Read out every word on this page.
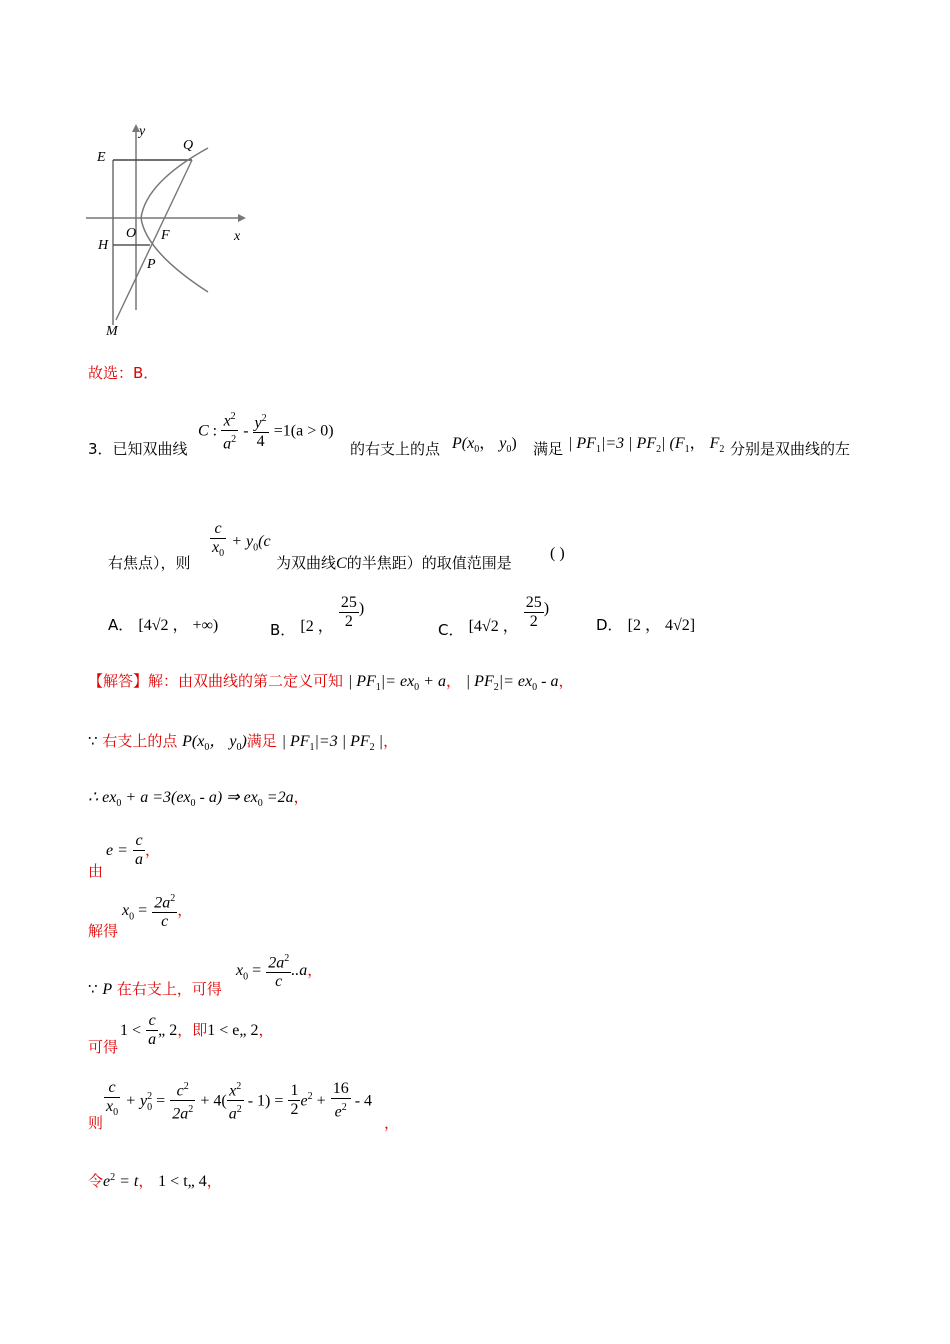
y
E
Q
O F	x
H
P
M
故选：B．
3．已知双曲线
C : $\frac{x^2}{a^2} - \frac{y^2}{4} =1(a > 0)$
的右支上的点 $P(x_0$， $y_0$) 满足 | $PF_1|=3$ | $PF_2|$ ($F_1$， $F_2$ 分别是双曲线的左
右焦点），则 $\frac{c}{x_0} + y_0(c$
为双曲线C的半焦距）的取值范围是
( )
A． [4√2 ， +∞)	B． [2 ， $\frac{25}{2}$ )
C． [4√2 ， $\frac{25}{2}$ )
D． [2 ， 4√2]
【解答】解：由双曲线的第二定义可知 | $PF_1|= ex_0 + a$， | $PF_2|= ex_0 - a$，
∵ 右支上的点 $P(x_0$， $y_0$)满足 | $PF_1|=3$ | $PF_2$ |，
∴ $ex_0 + a =3(ex_0 - a)$ ⇒ $ex_0 =2a$，
由
$e = \frac{c}{a}$ ，
解得
$x_0 = \frac{2a^2}{c}$ ，
∵ P 在右支上，可得
$x_0 = \frac{2a^2}{c} ..a$，
可得
$1 < \frac{c}{a}$ „ 2，即1 < e„ 2，
则
$\frac{c}{x_0} + y^2_0 = \frac{c^2}{2a^2} + 4( \frac{x^2}{a^2} - 1) = \frac{1}{2} e^2 + \frac{16}{e^2} - 4$
，
令$e^2 = t$， 1 < t„ 4，
